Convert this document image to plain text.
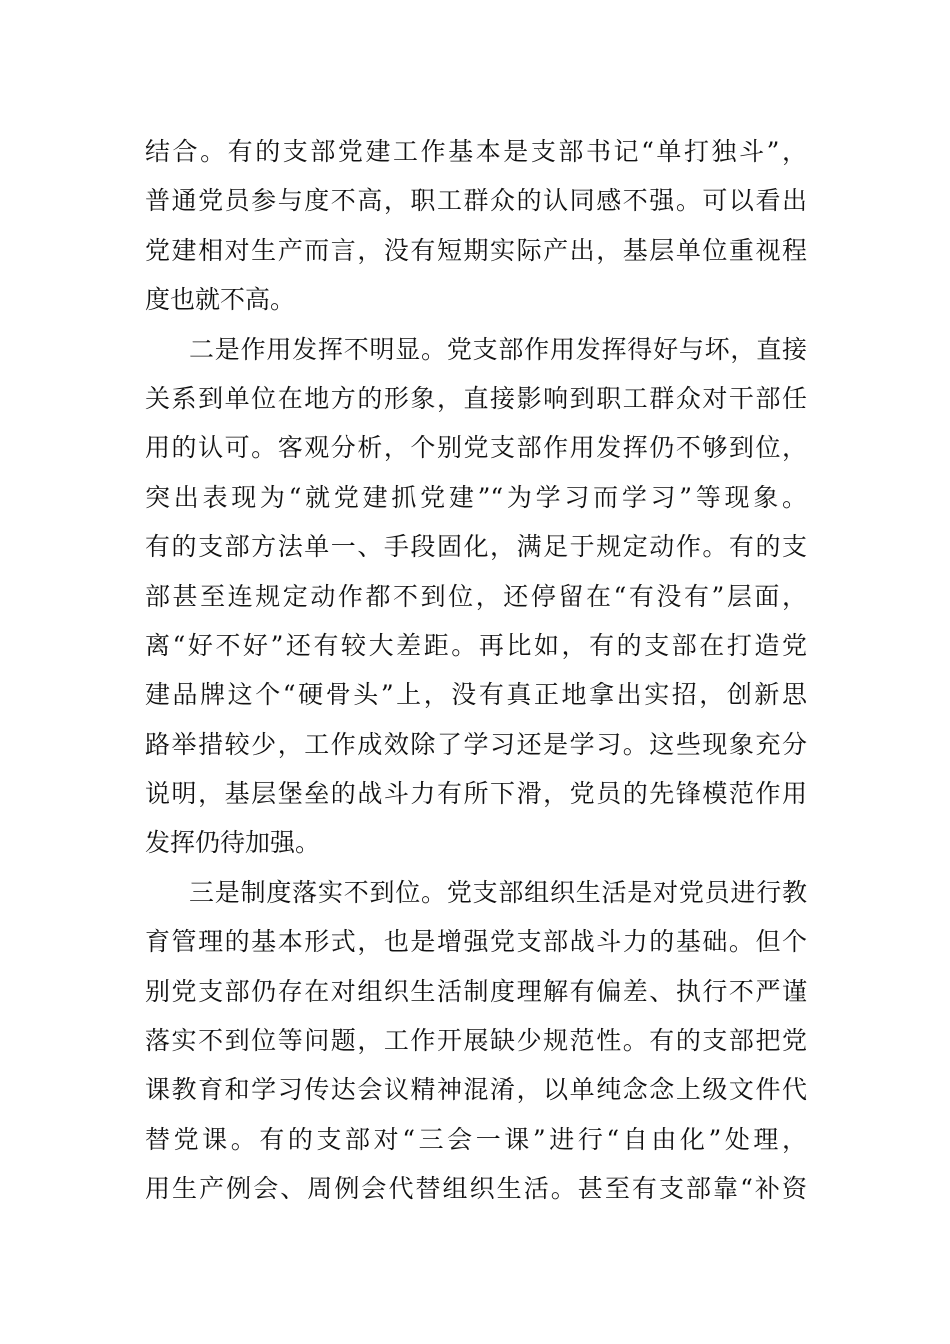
结合。有的支部党建工作基本是支部书记“单打独斗”，
普通党员参与度不高，职工群众的认同感不强。可以看出
党建相对生产而言，没有短期实际产出，基层单位重视程
度也就不高。
二是作用发挥不明显。党支部作用发挥得好与坏，直接
关系到单位在地方的形象，直接影响到职工群众对干部任
用的认可。客观分析，个别党支部作用发挥仍不够到位，
突出表现为“就党建抓党建”“为学习而学习”等现象。
有的支部方法单一、手段固化，满足于规定动作。有的支
部甚至连规定动作都不到位，还停留在“有没有”层面，
离“好不好”还有较大差距。再比如，有的支部在打造党
建品牌这个“硬骨头”上，没有真正地拿出实招，创新思
路举措较少，工作成效除了学习还是学习。这些现象充分
说明，基层堡垒的战斗力有所下滑，党员的先锋模范作用
发挥仍待加强。
三是制度落实不到位。党支部组织生活是对党员进行教
育管理的基本形式，也是增强党支部战斗力的基础。但个
别党支部仍存在对组织生活制度理解有偏差、执行不严谨
落实不到位等问题，工作开展缺少规范性。有的支部把党
课教育和学习传达会议精神混淆，以单纯念念上级文件代
替党课。有的支部对“三会一课”进行“自由化”处理，
用生产例会、周例会代替组织生活。甚至有支部靠“补资
